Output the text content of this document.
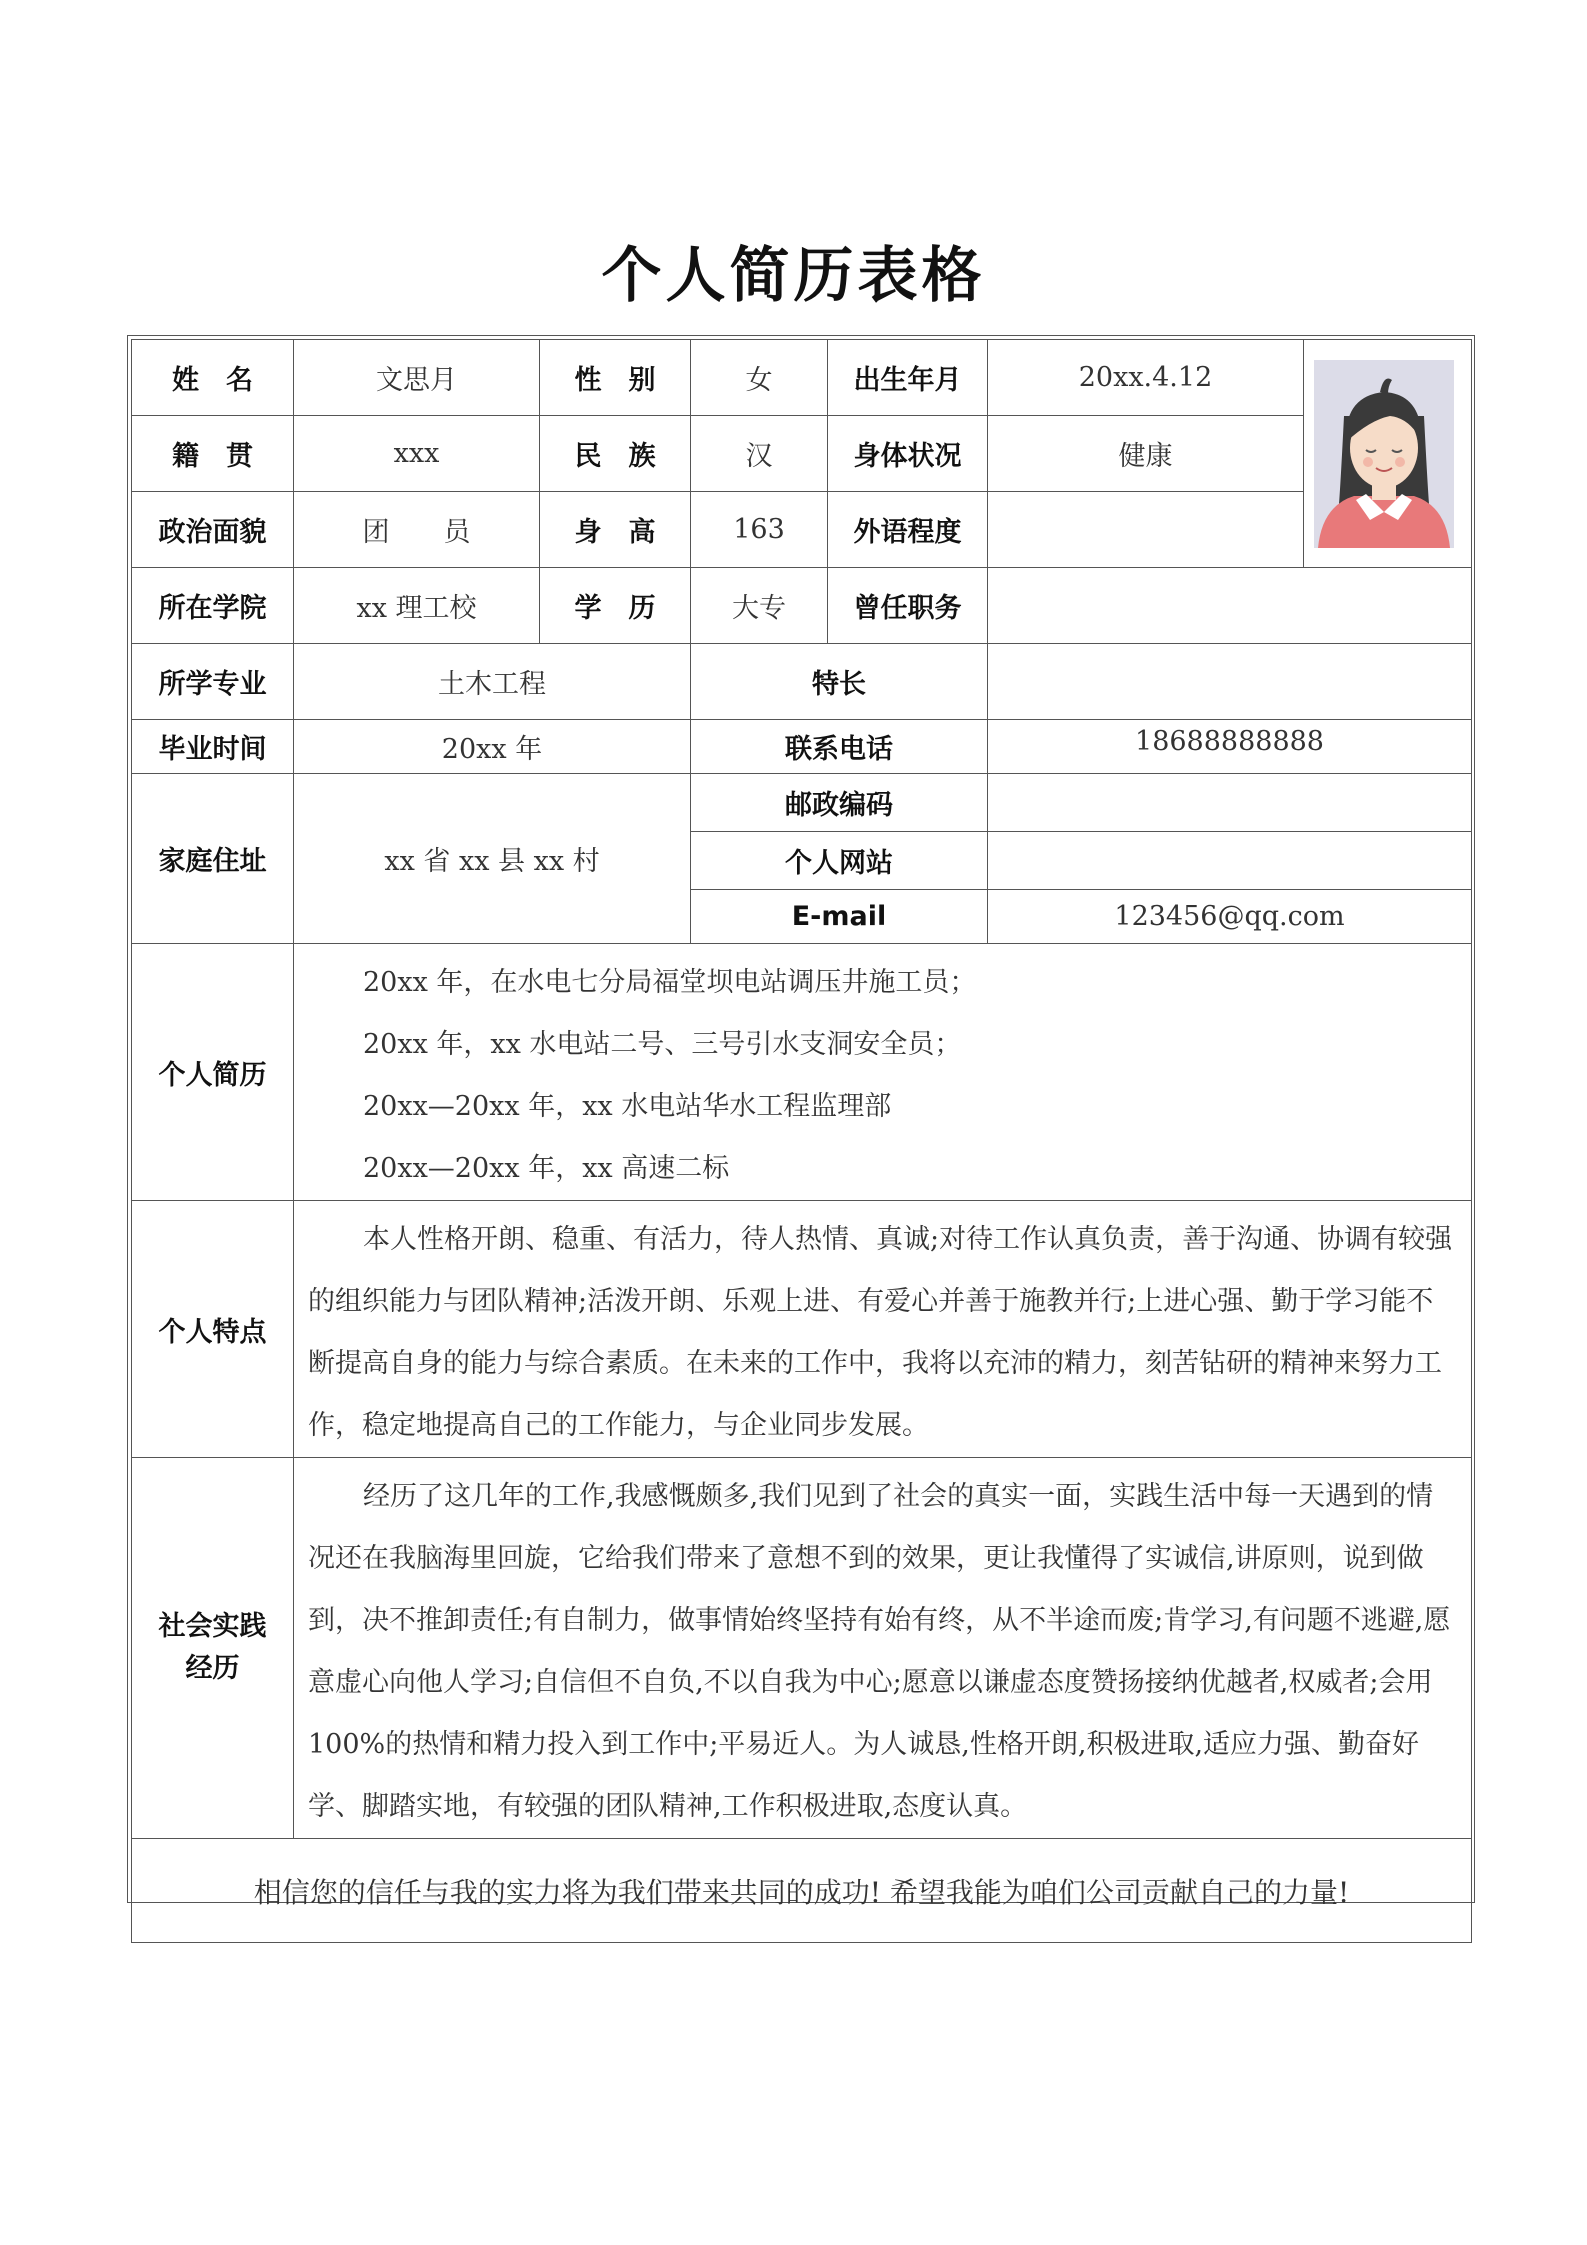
个人简历表格
姓　名	文思月	性　别	女	出生年月	20xx.4.12	

籍　贯	xxx	民　族	汉	身体状况	健康	
政治面貌	团　　员	身　高	163	外语程度		
所在学院	xx 理工校	学　历	大专	曾任职务		
所学专业	土木工程		特长			
毕业时间	20xx 年		联系电话		18688888888	
家庭住址	xx 省 xx 县 xx 村		邮政编码			
			个人网站			
			E-mail		123456@qq.com	
个人简历	20xx 年，在水电七分局福堂坝电站调压井施工员；
20xx 年，xx 水电站二号、三号引水支洞安全员；
20xx—20xx 年，xx 水电站华水工程监理部
20xx—20xx 年，xx 高速二标					

个人特点	本人性格开朗、稳重、有活力，待人热情、真诚;对待工作认真负责，善于沟通、协调有较强的组织能力与团队精神;活泼开朗、乐观上进、有爱心并善于施教并行;上进心强、勤于学习能不断提高自身的能力与综合素质。在未来的工作中，我将以充沛的精力，刻苦钻研的精神来努力工作，稳定地提高自己的工作能力，与企业同步发展。					

社会实践
经历	经历了这几年的工作,我感慨颇多,我们见到了社会的真实一面，实践生活中每一天遇到的情况还在我脑海里回旋，它给我们带来了意想不到的效果，更让我懂得了实诚信,讲原则，说到做到，决不推卸责任;有自制力，做事情始终坚持有始有终，从不半途而废;肯学习,有问题不逃避,愿意虚心向他人学习;自信但不自负,不以自我为中心;愿意以谦虚态度赞扬接纳优越者,权威者;会用100%的热情和精力投入到工作中;平易近人。为人诚恳,性格开朗,积极进取,适应力强、勤奋好学、脚踏实地，有较强的团队精神,工作积极进取,态度认真。					

相信您的信任与我的实力将为我们带来共同的成功! 希望我能为咱们公司贡献自己的力量!						
